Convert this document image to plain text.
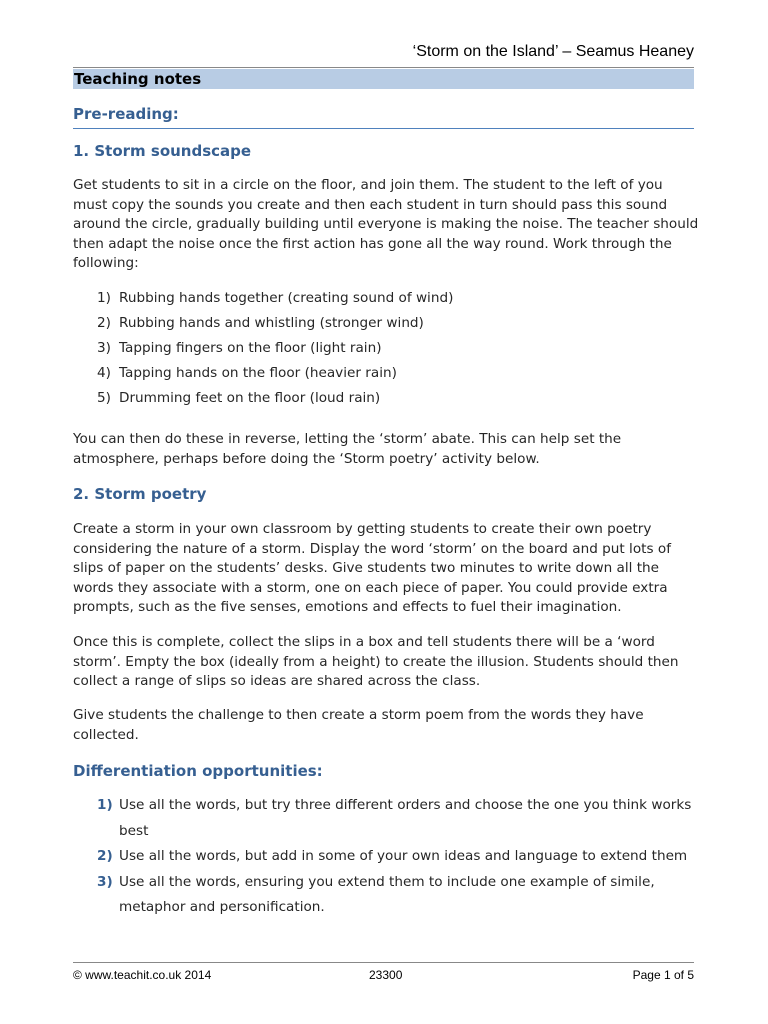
‘Storm on the Island’ – Seamus Heaney
Teaching notes
Pre-reading:
1. Storm soundscape

Get students to sit in a circle on the floor, and join them. The student to the left of you must copy the sounds you create and then each student in turn should pass this sound around the circle, gradually building until everyone is making the noise. The teacher should then adapt the noise once the first action has gone all the way round. Work through the following:

1) Rubbing hands together (creating sound of wind)
2) Rubbing hands and whistling (stronger wind)
3) Tapping fingers on the floor (light rain)
4) Tapping hands on the floor (heavier rain)
5) Drumming feet on the floor (loud rain)

You can then do these in reverse, letting the ‘storm’ abate. This can help set the atmosphere, perhaps before doing the ‘Storm poetry’ activity below.

2. Storm poetry

Create a storm in your own classroom by getting students to create their own poetry considering the nature of a storm. Display the word ‘storm’ on the board and put lots of slips of paper on the students’ desks. Give students two minutes to write down all the words they associate with a storm, one on each piece of paper. You could provide extra prompts, such as the five senses, emotions and effects to fuel their imagination.

Once this is complete, collect the slips in a box and tell students there will be a ‘word storm’. Empty the box (ideally from a height) to create the illusion. Students should then collect a range of slips so ideas are shared across the class.

Give students the challenge to then create a storm poem from the words they have collected.

Differentiation opportunities:
1) Use all the words, but try three different orders and choose the one you think works best
2) Use all the words, but add in some of your own ideas and language to extend them
3) Use all the words, ensuring you extend them to include one example of simile, metaphor and personification.
© www.teachit.co.uk 2014	23300	Page 1 of 5
